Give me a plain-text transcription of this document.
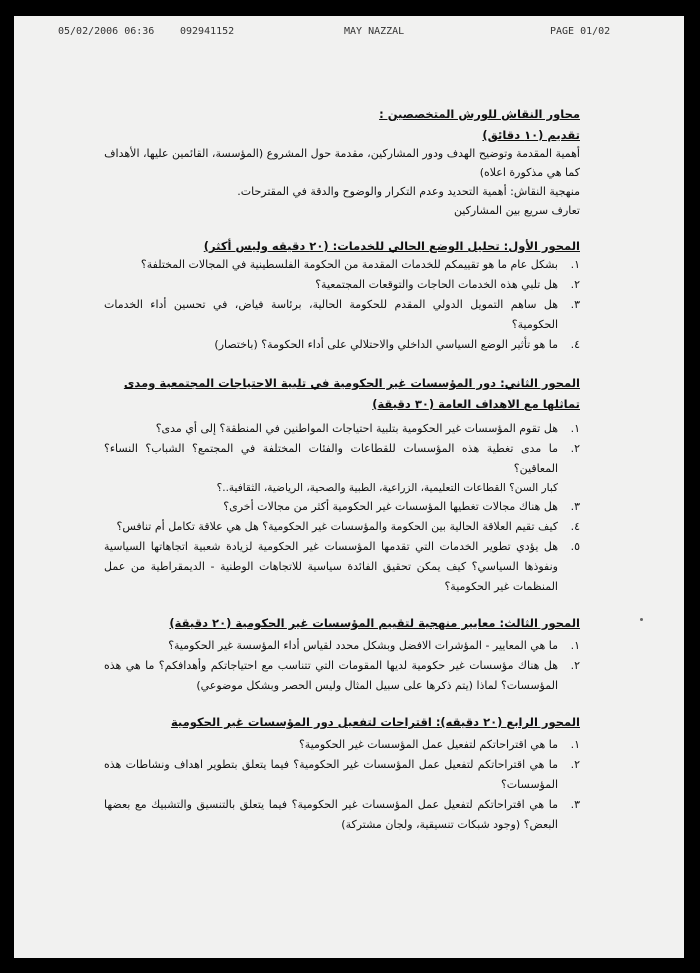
05/02/2006 06:36	092941152	MAY NAZZAL	PAGE 01/02

محاور النقاش للورش المتخصصين :

تقديم (١٠ دقائق)

أهمية المقدمة وتوضيح الهدف ودور المشاركين، مقدمة حول المشروع (المؤسسة، القائمين عليها، الأهداف كما هي مذكورة اعلاه)

منهجية النقاش: أهمية التحديد وعدم التكرار والوضوح والدقة في المقترحات.

تعارف سريع بين المشاركين

المحور الأول: تحليل الوضع الحالي للخدمات: (٢٠ دقيقه وليس أكثر)

١.
بشكل عام ما هو تقييمكم للخدمات المقدمة من الحكومة الفلسطينية في المجالات المختلفة؟
٢.
هل تلبي هذه الخدمات الحاجات والتوقعات المجتمعية؟
٣.
هل ساهم التمويل الدولي المقدم للحكومة الحالية، برئاسة فياض، في تحسين أداء الخدمات الحكومية؟
٤.
ما هو تأثير الوضع السياسي الداخلي والاحتلالي على أداء الحكومة؟ (باختصار)

المحور الثاني: دور المؤسسات غير الحكومية في تلبية الاحتياجات المجتمعية ومدى تماثلها مع الاهداف العامة (٣٠ دقيقة)

١.
هل تقوم المؤسسات غير الحكومية بتلبية احتياجات المواطنين في المنطقة؟ إلى أي مدى؟
٢.
ما مدى تغطية هذه المؤسسات للقطاعات والفئات المختلفة في المجتمع؟ الشباب؟ النساء؟ المعاقين؟

كبار السن؟ القطاعات التعليمية، الزراعية، الطبية والصحية، الرياضية، الثقافية..؟

٣.
هل هناك مجالات تغطيها المؤسسات غير الحكومية أكثر من مجالات أخرى؟
٤.
كيف تقيم العلاقة الحالية بين الحكومة والمؤسسات غير الحكومية؟ هل هي علاقة تكامل أم تنافس؟
٥.
هل يؤدي تطوير الخدمات التي تقدمها المؤسسات غير الحكومية لزيادة شعبية اتجاهاتها السياسية ونفوذها السياسي؟ كيف يمكن تحقيق الفائدة سياسية للاتجاهات الوطنية - الديمقراطية من عمل المنظمات غير الحكومية؟

المحور الثالث: معايير منهجية لتقييم المؤسسات غير الحكومية (٢٠ دقيقة)

١.
ما هي المعايير - المؤشرات الافضل وبشكل محدد لقياس أداء المؤسسة غير الحكومية؟
٢.
هل هناك مؤسسات غير حكومية لديها المقومات التي تتناسب مع احتياجاتكم وأهدافكم؟ ما هي هذه المؤسسات؟ لماذا (يتم ذكرها على سبيل المثال وليس الحصر وبشكل موضوعي)

المحور الرابع (٢٠ دقيقه): اقتراحات لتفعيل دور المؤسسات غير الحكومية

١.
ما هي اقتراحاتكم لتفعيل عمل المؤسسات غير الحكومية؟
٢.
ما هي اقتراحاتكم لتفعيل عمل المؤسسات غير الحكومية؟ فيما يتعلق بتطوير اهداف ونشاطات هذه المؤسسات؟
٣.
ما هي اقتراحاتكم لتفعيل عمل المؤسسات غير الحكومية؟ فيما يتعلق بالتنسيق والتشبيك مع بعضها البعض؟ (وجود شبكات تنسيقية، ولجان مشتركة)
